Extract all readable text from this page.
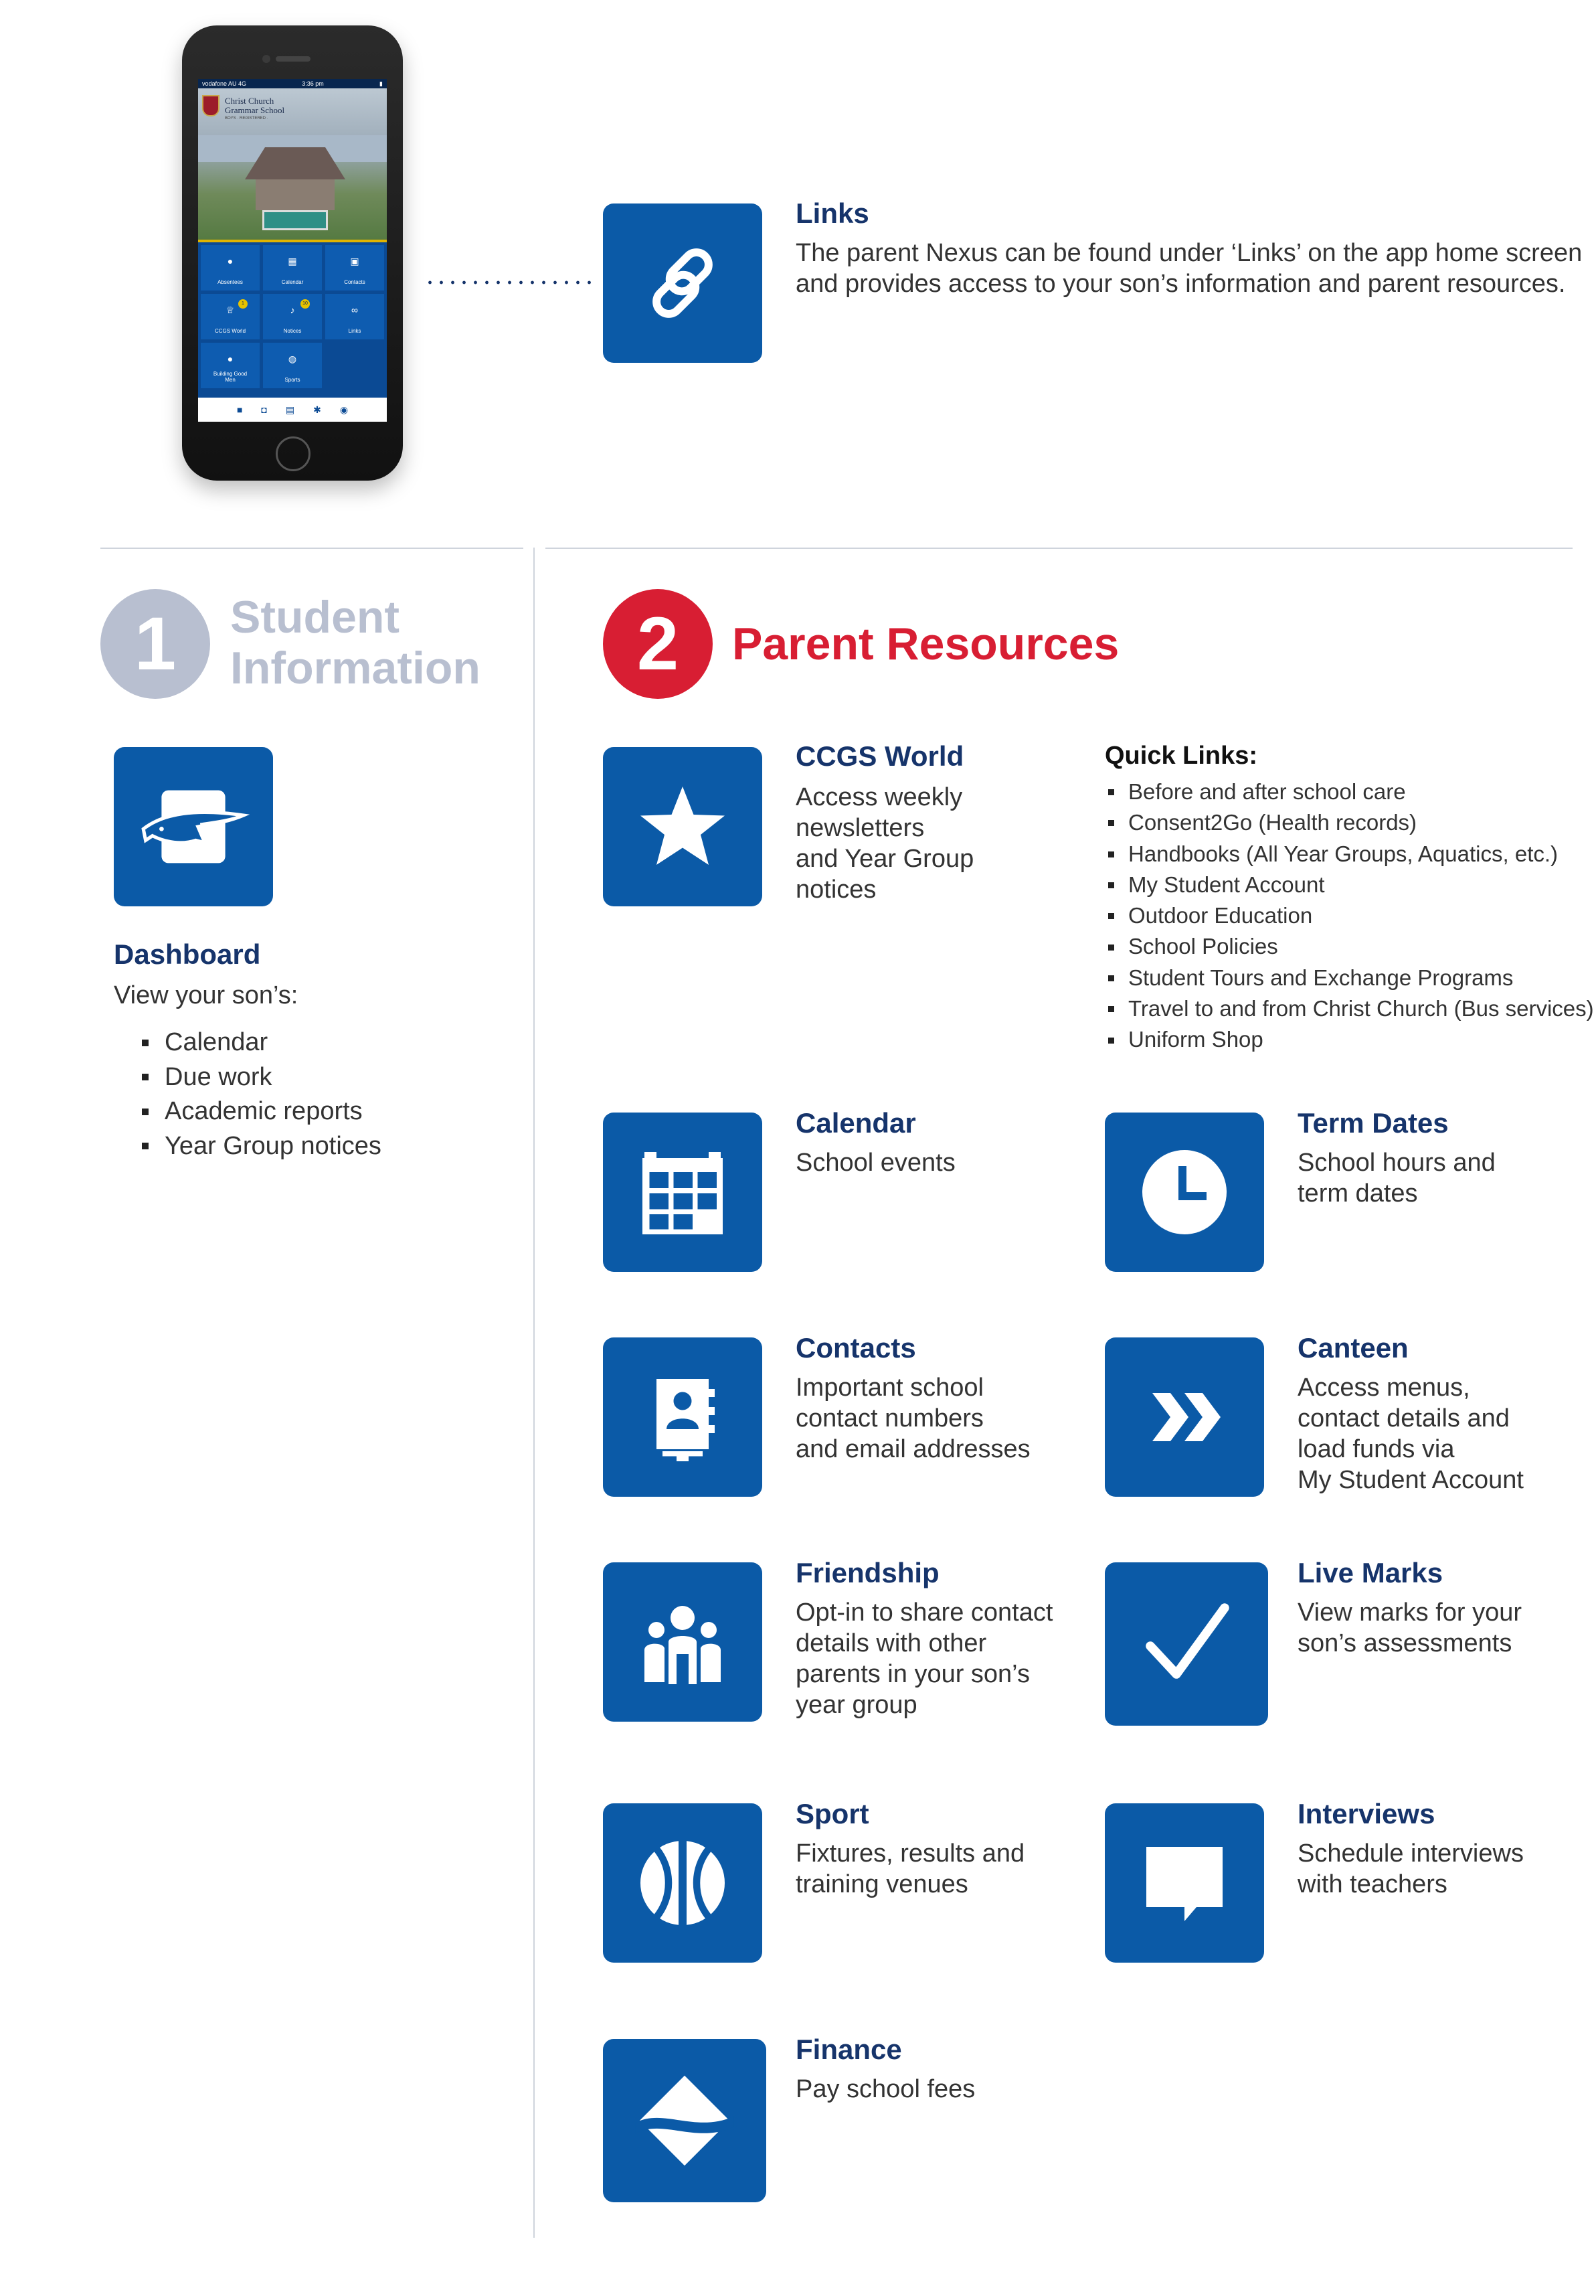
vodafone AU 4G	3:36 pm	▮
Christ Church Grammar School
BOYS · REGISTERED ·
●
Absentees
▦
Calendar
▣
Contacts
♕
1
CCGS World
♪
10
Notices
∞
Links
●
Building Good Men
◍
Sports
■ ◘ ▤ ✱ ◉
Links
The parent Nexus can be found under ‘Links’ on the app home screen
and provides access to your son’s information and parent resources.
1	Student
Information
Dashboard
View your son’s:
Calendar
Due work
Academic reports
Year Group notices
2	Parent Resources
CCGS World
Access weekly
newsletters
and Year Group
notices
Quick Links:
Before and after school care
Consent2Go (Health records)
Handbooks (All Year Groups, Aquatics, etc.)
My Student Account
Outdoor Education
School Policies
Student Tours and Exchange Programs
Travel to and from Christ Church (Bus services)
Uniform Shop
Calendar
School events
Term Dates
School hours and
term dates
Contacts
Important school
contact numbers
and email addresses
Canteen
Access menus,
contact details and
load funds via
My Student Account
Friendship
Opt-in to share contact
details with other
parents in your son’s
year group
Live Marks
View marks for your
son’s assessments
Sport
Fixtures, results and
training venues
Interviews
Schedule interviews
with teachers
Finance
Pay school fees
